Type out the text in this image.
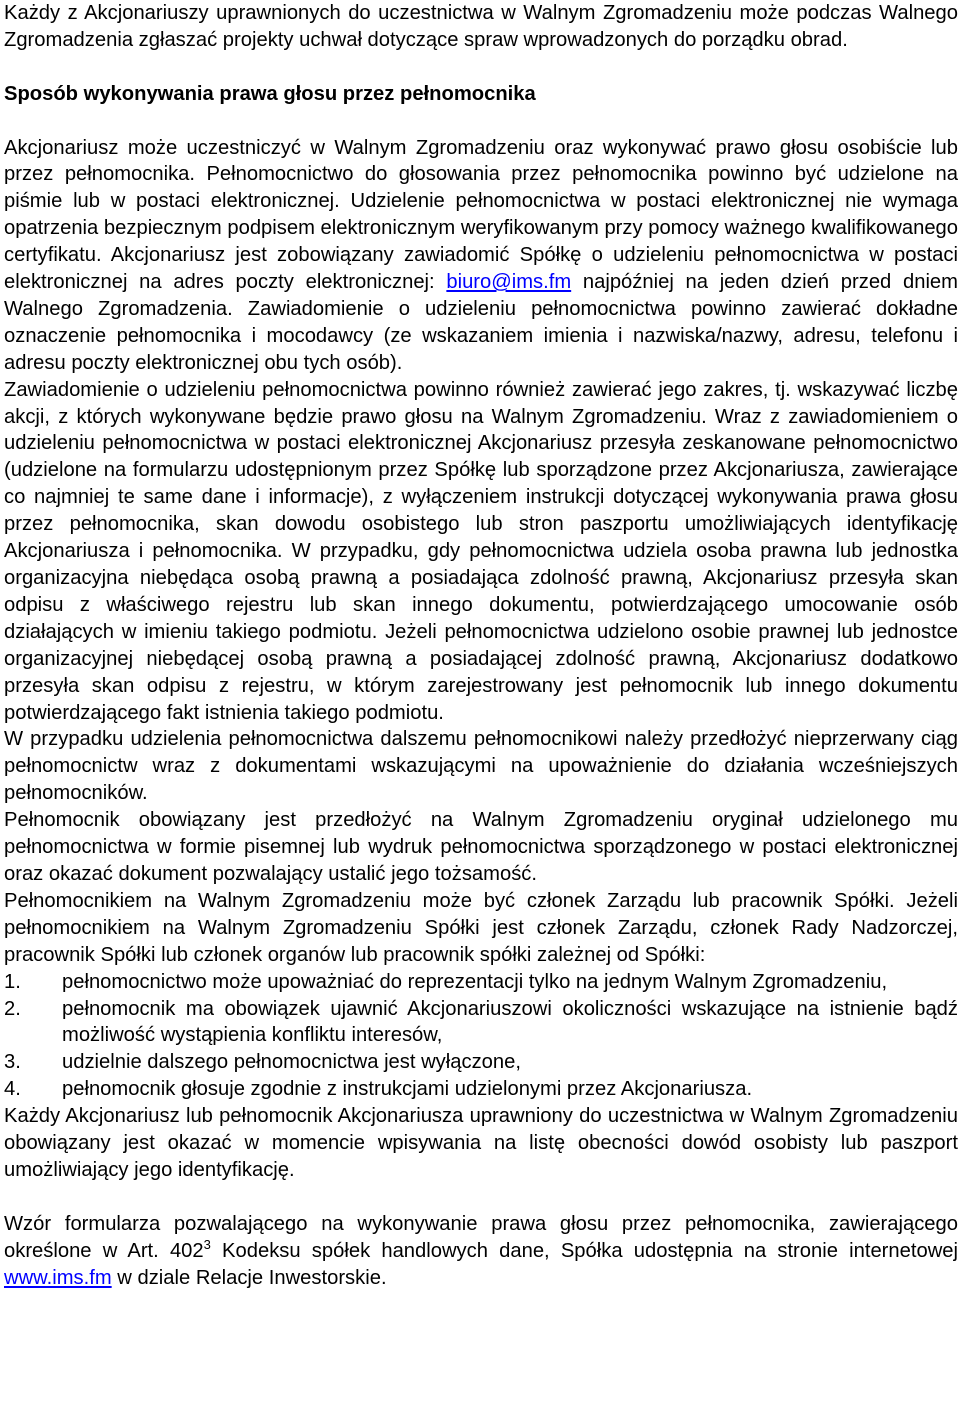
Każdy z Akcjonariuszy uprawnionych do uczestnictwa w Walnym Zgromadzeniu może podczas Walnego Zgromadzenia zgłaszać projekty uchwał dotyczące spraw wprowadzonych do porządku obrad.

Sposób wykonywania prawa głosu przez pełnomocnika

Akcjonariusz może uczestniczyć w Walnym Zgromadzeniu oraz wykonywać prawo głosu osobiście lub przez pełnomocnika. Pełnomocnictwo do głosowania przez pełnomocnika powinno być udzielone na piśmie lub w postaci elektronicznej. Udzielenie pełnomocnictwa w postaci elektronicznej nie wymaga opatrzenia bezpiecznym podpisem elektronicznym weryfikowanym przy pomocy ważnego kwalifikowanego certyfikatu. Akcjonariusz jest zobowiązany zawiadomić Spółkę o udzieleniu pełnomocnictwa w postaci elektronicznej na adres poczty elektronicznej: biuro@ims.fm najpóźniej na jeden dzień przed dniem Walnego Zgromadzenia. Zawiadomienie o udzieleniu pełnomocnictwa powinno zawierać dokładne oznaczenie pełnomocnika i mocodawcy (ze wskazaniem imienia i nazwiska/nazwy, adresu, telefonu i adresu poczty elektronicznej obu tych osób).

Zawiadomienie o udzieleniu pełnomocnictwa powinno również zawierać jego zakres, tj. wskazywać liczbę akcji, z których wykonywane będzie prawo głosu na Walnym Zgromadzeniu. Wraz z zawiadomieniem o udzieleniu pełnomocnictwa w postaci elektronicznej Akcjonariusz przesyła zeskanowane pełnomocnictwo (udzielone na formularzu udostępnionym przez Spółkę lub sporządzone przez Akcjonariusza, zawierające co najmniej te same dane i informacje), z wyłączeniem instrukcji dotyczącej wykonywania prawa głosu przez pełnomocnika, skan dowodu osobistego lub stron paszportu umożliwiających identyfikację Akcjonariusza i pełnomocnika. W przypadku, gdy pełnomocnictwa udziela osoba prawna lub jednostka organizacyjna niebędąca osobą prawną a posiadająca zdolność prawną, Akcjonariusz przesyła skan odpisu z właściwego rejestru lub skan innego dokumentu, potwierdzającego umocowanie osób działających w imieniu takiego podmiotu. Jeżeli pełnomocnictwa udzielono osobie prawnej lub jednostce organizacyjnej niebędącej osobą prawną a posiadającej zdolność prawną, Akcjonariusz dodatkowo przesyła skan odpisu z rejestru, w którym zarejestrowany jest pełnomocnik lub innego dokumentu potwierdzającego fakt istnienia takiego podmiotu.

W przypadku udzielenia pełnomocnictwa dalszemu pełnomocnikowi należy przedłożyć nieprzerwany ciąg pełnomocnictw wraz z dokumentami wskazującymi na upoważnienie do działania wcześniejszych pełnomocników.

Pełnomocnik obowiązany jest przedłożyć na Walnym Zgromadzeniu oryginał udzielonego mu pełnomocnictwa w formie pisemnej lub wydruk pełnomocnictwa sporządzonego w postaci elektronicznej oraz okazać dokument pozwalający ustalić jego tożsamość.

Pełnomocnikiem na Walnym Zgromadzeniu może być członek Zarządu lub pracownik Spółki. Jeżeli pełnomocnikiem na Walnym Zgromadzeniu Spółki jest członek Zarządu, członek Rady Nadzorczej, pracownik Spółki lub członek organów lub pracownik spółki zależnej od Spółki:

1. pełnomocnictwo może upoważniać do reprezentacji tylko na jednym Walnym Zgromadzeniu,
2. pełnomocnik ma obowiązek ujawnić Akcjonariuszowi okoliczności wskazujące na istnienie bądź możliwość wystąpienia konfliktu interesów,
3. udzielnie dalszego pełnomocnictwa jest wyłączone,
4. pełnomocnik głosuje zgodnie z instrukcjami udzielonymi przez Akcjonariusza.

Każdy Akcjonariusz lub pełnomocnik Akcjonariusza uprawniony do uczestnictwa w Walnym Zgromadzeniu obowiązany jest okazać w momencie wpisywania na listę obecności dowód osobisty lub paszport umożliwiający jego identyfikację.

Wzór formularza pozwalającego na wykonywanie prawa głosu przez pełnomocnika, zawierającego określone w Art. $402^3$ Kodeksu spółek handlowych dane, Spółka udostępnia na stronie internetowej www.ims.fm w dziale Relacje Inwestorskie.
